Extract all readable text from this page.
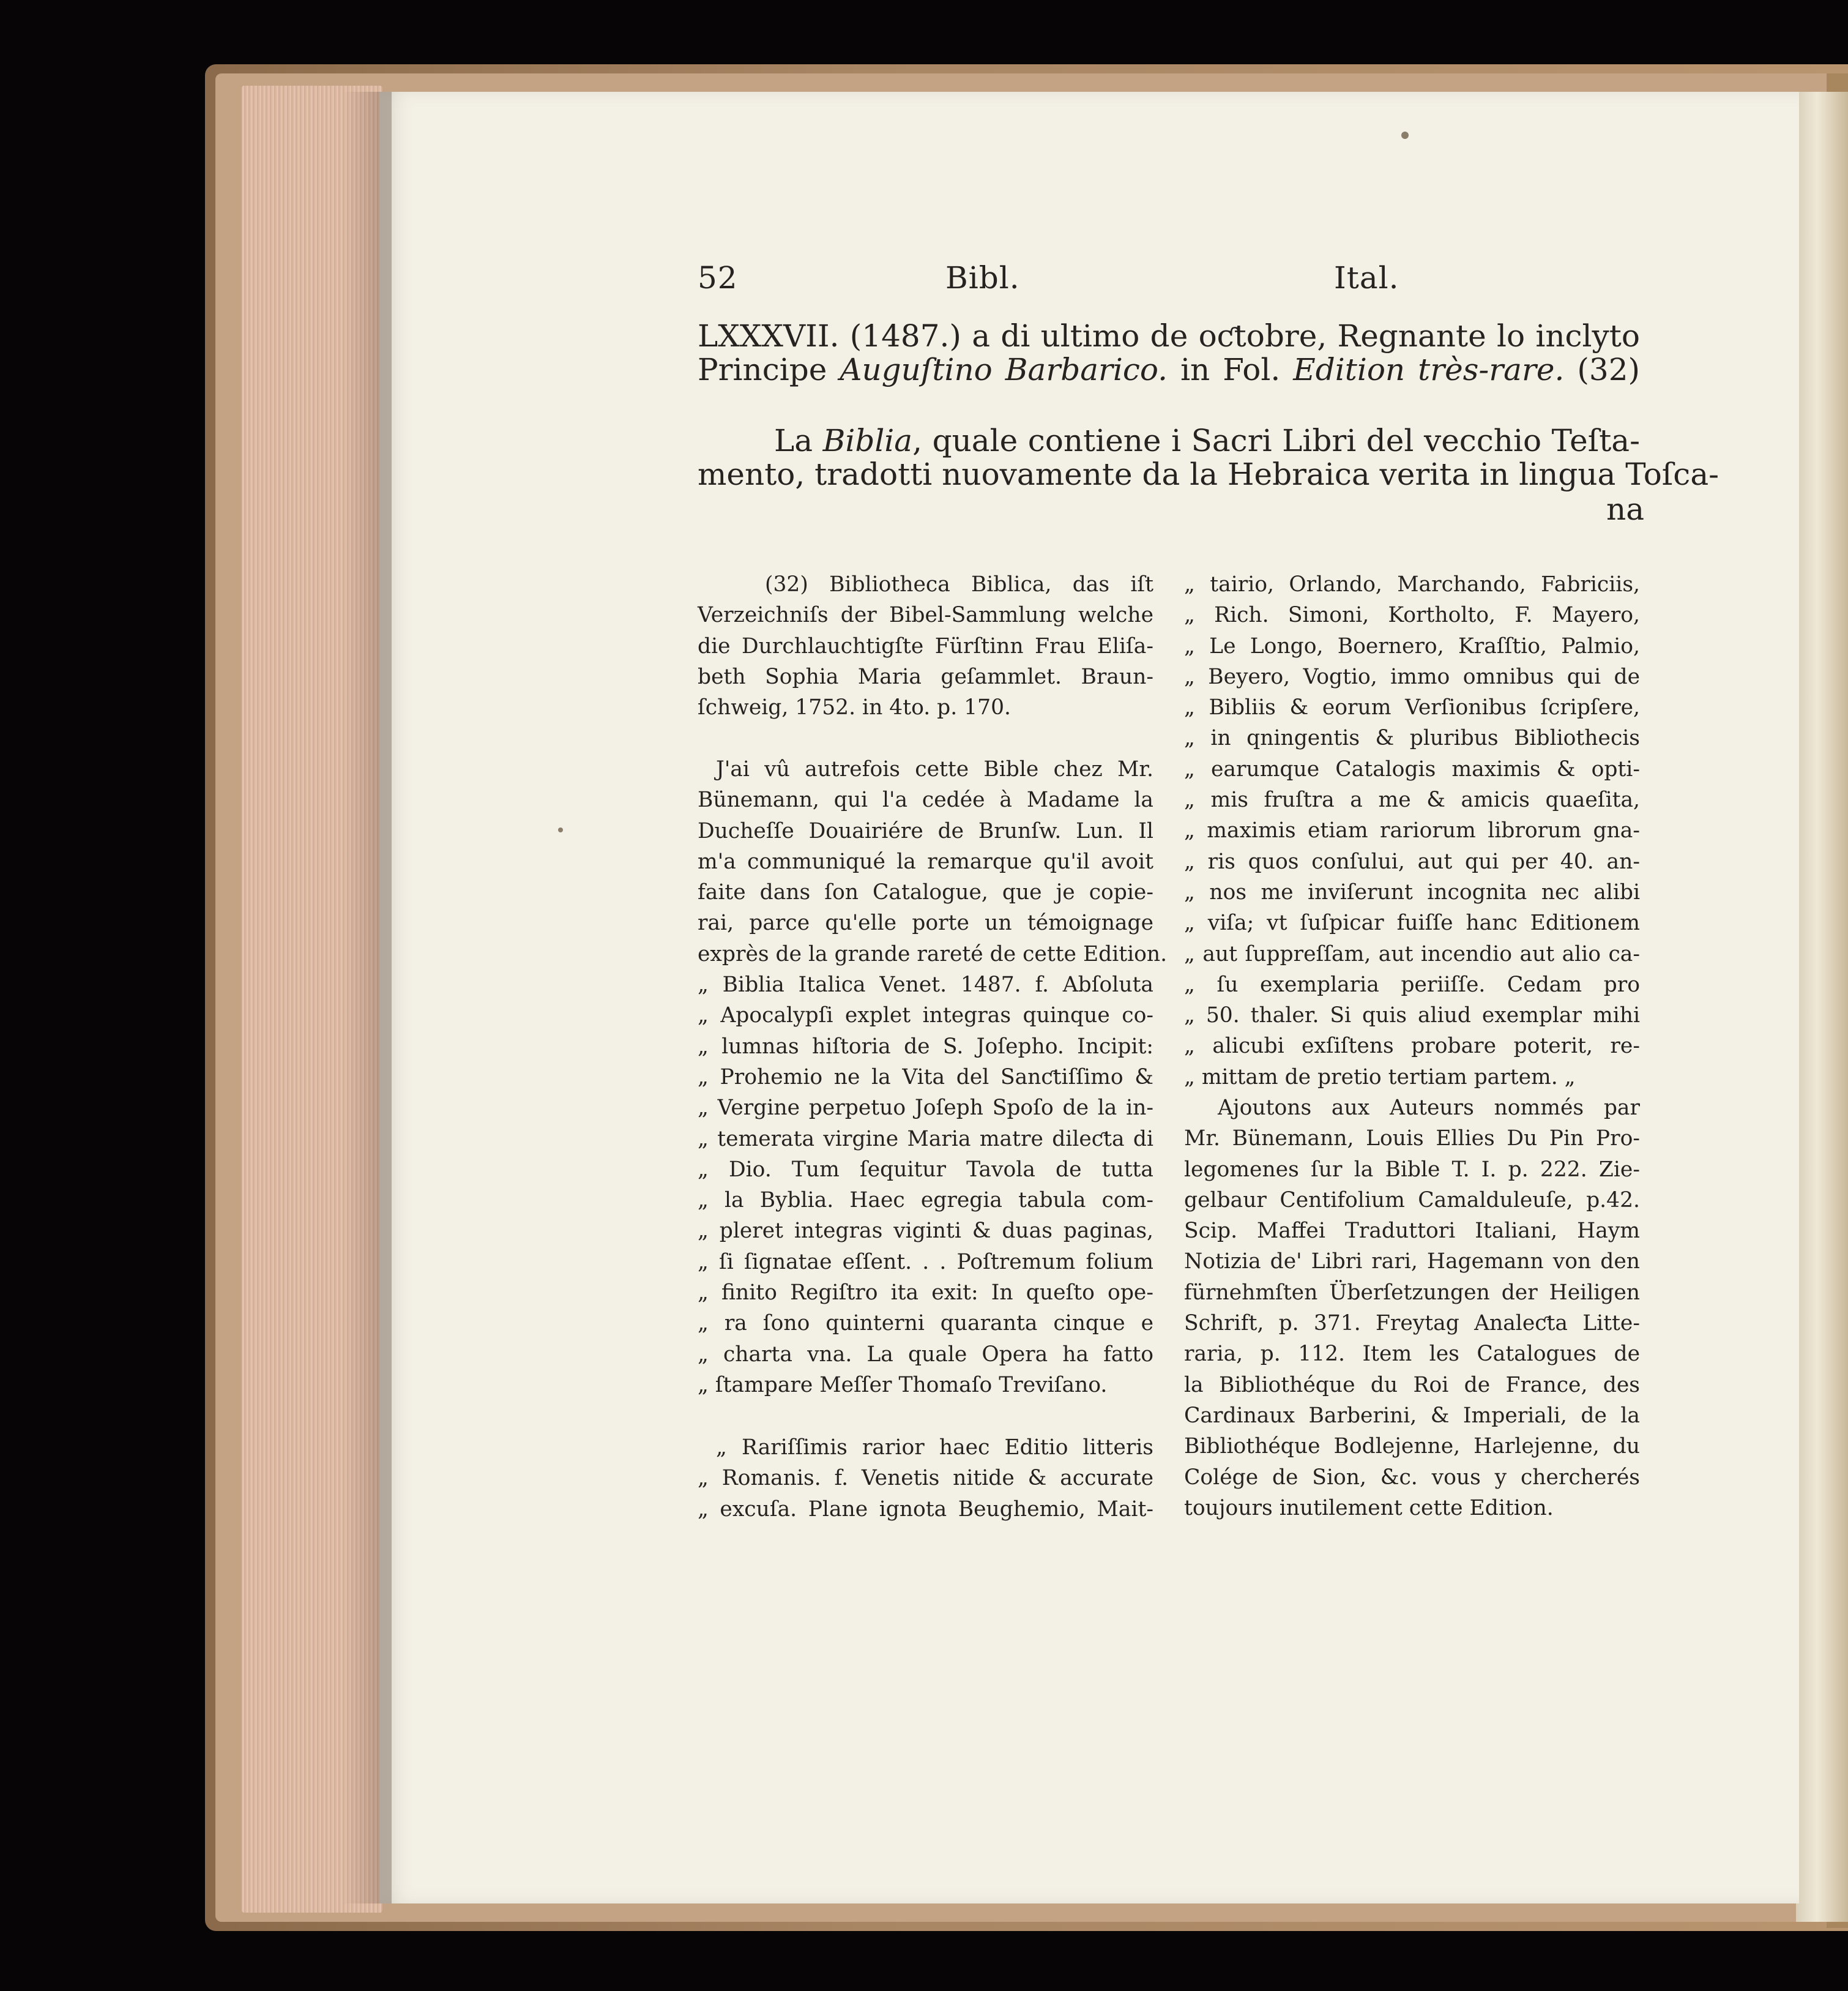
52	Bibl.	Ital.
LXXXVII. (1487.) a di ultimo de oƈtobre, Regnante lo inclyto
Principe Auguſtino Barbarico. in Fol. Edition très-rare. (32)
La Biblia, quale contiene i Sacri Libri del vecchio Teſta-
mento, tradotti nuovamente da la Hebraica verita in lingua Toſca-
na
(32) Bibliotheca Biblica, das iſt
Verzeichniſs der Bibel-Sammlung welche
die Durchlauchtigſte Fürſtinn Frau Eliſa-
beth Sophia Maria geſammlet. Braun-
ſchweig, 1752. in 4to. p. 170.
J'ai vû autrefois cette Bible chez Mr.
Bünemann, qui l'a cedée à Madame la
Ducheſſe Douairiére de Brunſw. Lun. Il
m'a communiqué la remarque qu'il avoit
faite dans ſon Catalogue, que je copie-
rai, parce qu'elle porte un témoignage
exprès de la grande rareté de cette Edition.
„ Biblia Italica Venet. 1487. f. Abſoluta
„ Apocalypſi explet integras quinque co-
„ lumnas hiſtoria de S. Joſepho. Incipit:
„ Prohemio ne la Vita del Sanƈtiſſimo &
„ Vergine perpetuo Joſeph Spoſo de la in-
„ temerata virgine Maria matre dileƈta di
„ Dio. Tum ſequitur Tavola de tutta
„ la Byblia. Haec egregia tabula com-
„ pleret integras viginti & duas paginas,
„ ſi ſignatae eſſent. . . Poſtremum folium
„ finito Regiſtro ita exit: In queſto ope-
„ ra ſono quinterni quaranta cinque e
„ charta vna. La quale Opera ha fatto
„ ſtampare Meſſer Thomaſo Treviſano.
„ Rariſſimis rarior haec Editio litteris
„ Romanis. f. Venetis nitide & accurate
„ excuſa. Plane ignota Beughemio, Mait-
„ tairio, Orlando, Marchando, Fabriciis,
„ Rich. Simoni, Kortholto, F. Mayero,
„ Le Longo, Boernero, Kraſſtio, Palmio,
„ Beyero, Vogtio, immo omnibus qui de
„ Bibliis & eorum Verſionibus ſcripſere,
„ in qningentis & pluribus Bibliothecis
„ earumque Catalogis maximis & opti-
„ mis fruſtra a me & amicis quaeſita,
„ maximis etiam rariorum librorum gna-
„ ris quos conſului, aut qui per 40. an-
„ nos me inviſerunt incognita nec alibi
„ viſa; vt ſuſpicar fuiſſe hanc Editionem
„ aut ſuppreſſam, aut incendio aut alio ca-
„ ſu exemplaria periiſſe. Cedam pro
„ 50. thaler. Si quis aliud exemplar mihi
„ alicubi exſiſtens probare poterit, re-
„ mittam de pretio tertiam partem. „
Ajoutons aux Auteurs nommés par
Mr. Bünemann, Louis Ellies Du Pin Pro-
legomenes ſur la Bible T. I. p. 222. Zie-
gelbaur Centifolium Camalduleuſe, p.42.
Scip. Maffei Traduttori Italiani, Haym
Notizia de' Libri rari, Hagemann von den
fürnehmſten Überſetzungen der Heiligen
Schrift, p. 371. Freytag Analeƈta Litte-
raria, p. 112. Item les Catalogues de
la Bibliothéque du Roi de France, des
Cardinaux Barberini, & Imperiali, de la
Bibliothéque Bodlejenne, Harlejenne, du
Colége de Sion, &c. vous y chercherés
toujours inutilement cette Edition.
